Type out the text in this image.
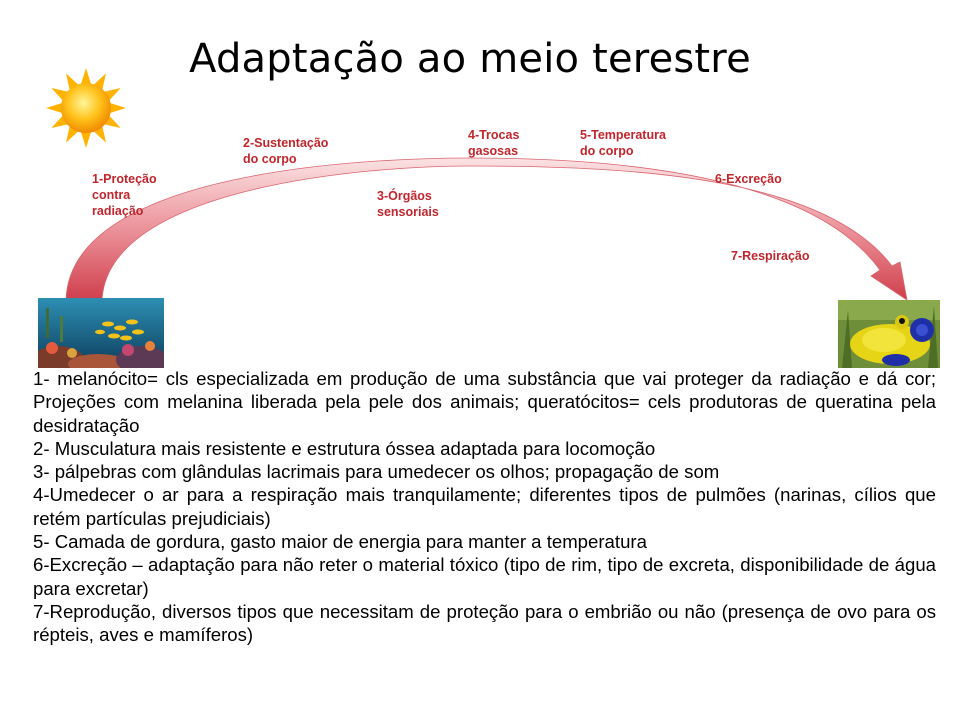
Adaptação ao meio terestre
1-Proteção
contra
radiação
2-Sustentação
do corpo
3-Órgãos
sensoriais
4-Trocas
gasosas
5-Temperatura
do corpo
6-Excreção
7-Respiração

1- melanócito= cls especializada em produção de uma substância que vai proteger da radiação e dá cor; Projeções com melanina liberada pela pele dos animais; queratócitos= cels produtoras de queratina pela desidratação

2- Musculatura mais resistente e estrutura óssea adaptada para locomoção

3- pálpebras com glândulas lacrimais para umedecer os olhos; propagação de som

4-Umedecer o ar para a respiração mais tranquilamente; diferentes tipos de pulmões (narinas, cílios que retém partículas prejudiciais)

5- Camada de gordura, gasto maior de energia para manter a temperatura

6-Excreção – adaptação para não reter o material tóxico (tipo de rim, tipo de excreta, disponibilidade de água para excretar)

7-Reprodução, diversos tipos que necessitam de proteção para o embrião ou não (presença de ovo para os répteis, aves e mamíferos)
